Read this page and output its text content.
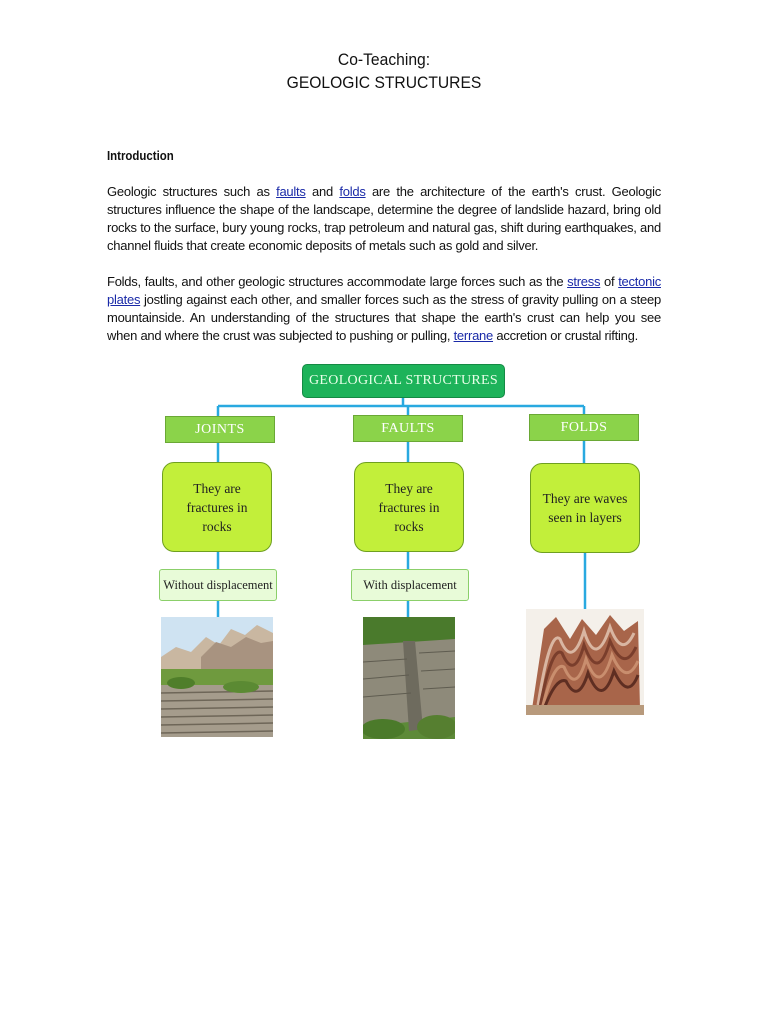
Co-Teaching:
GEOLOGIC STRUCTURES
Introduction

Geologic structures such as faults and folds are the architecture of the earth's crust. Geologic structures influence the shape of the landscape, determine the degree of landslide hazard, bring old rocks to the surface, bury young rocks, trap petroleum and natural gas, shift during earthquakes, and channel fluids that create economic deposits of metals such as gold and silver.

Folds, faults, and other geologic structures accommodate large forces such as the stress of tectonic plates jostling against each other, and smaller forces such as the stress of gravity pulling on a steep mountainside. An understanding of the structures that shape the earth's crust can help you see when and where the crust was subjected to pushing or pulling, terrane accretion or crustal rifting.

GEOLOGICAL STRUCTURES
JOINTS	FAULTS	FOLDS
They are fractures in rocks
They are fractures in rocks
They are waves seen in layers
Without displacement	With displacement
